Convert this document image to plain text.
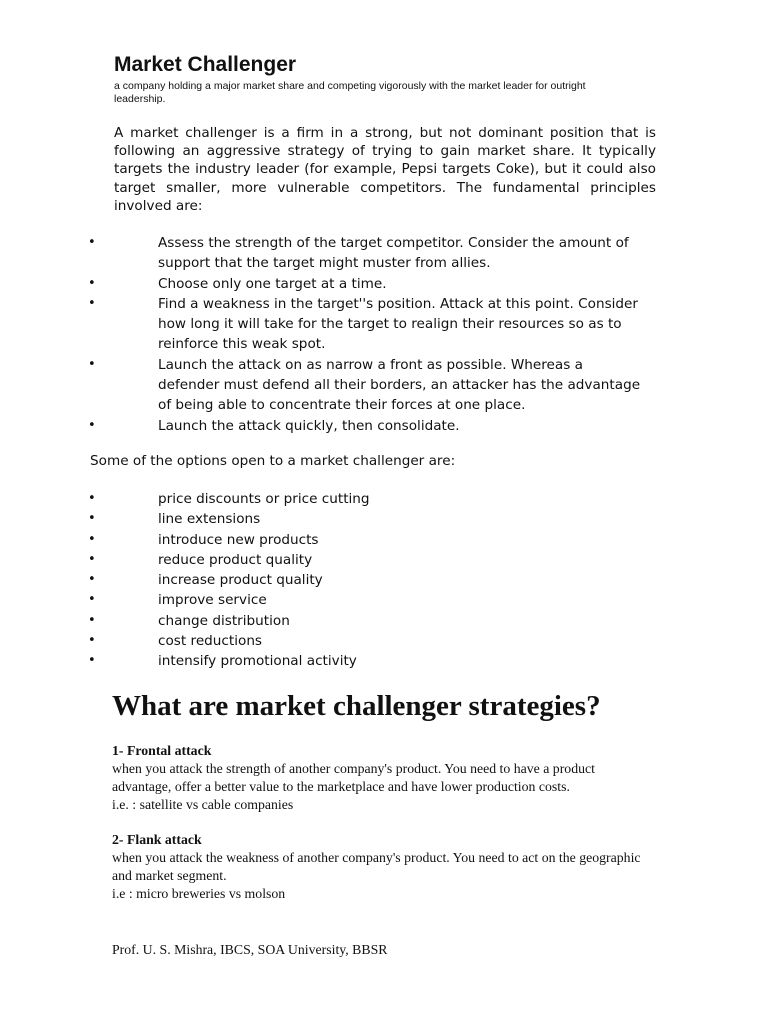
Market Challenger

a company holding a major market share and competing vigorously with the market leader for outright leadership.

A market challenger is a firm in a strong, but not dominant position that is following an aggressive strategy of trying to gain market share. It typically targets the industry leader (for example, Pepsi targets Coke), but it could also target smaller, more vulnerable competitors. The fundamental principles involved are:

•	Assess the strength of the target competitor. Consider the amount of support that the target might muster from allies.
•	Choose only one target at a time.
•	Find a weakness in the target''s position. Attack at this point. Consider how long it will take for the target to realign their resources so as to reinforce this weak spot.
•	Launch the attack on as narrow a front as possible. Whereas a defender must defend all their borders, an attacker has the advantage of being able to concentrate their forces at one place.
•	Launch the attack quickly, then consolidate.

Some of the options open to a market challenger are:

•	price discounts or price cutting
•	line extensions
•	introduce new products
•	reduce product quality
•	increase product quality
•	improve service
•	change distribution
•	cost reductions
•	intensify promotional activity
What are market challenger strategies?

1- Frontal attack

when you attack the strength of another company's product. You need to have a product advantage, offer a better value to the marketplace and have lower production costs.

i.e. : satellite vs cable companies

2- Flank attack

when you attack the weakness of another company's product. You need to act on the geographic and market segment.

i.e : micro breweries vs molson

Prof. U. S. Mishra, IBCS, SOA University, BBSR
